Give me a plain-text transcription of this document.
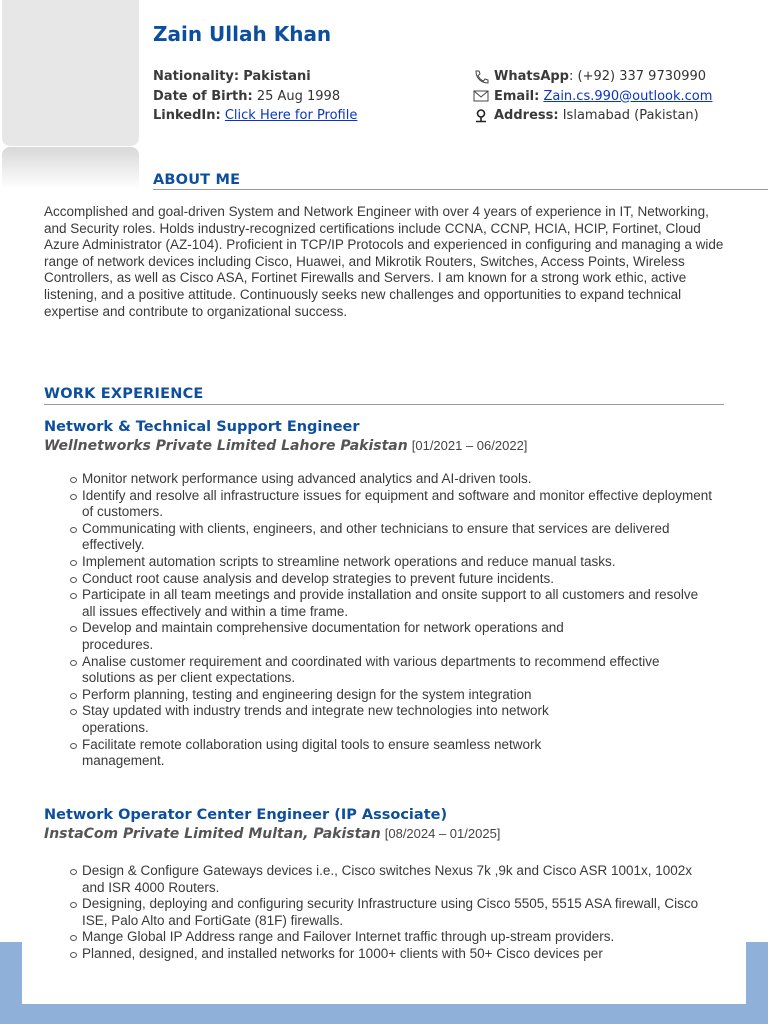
Zain Ullah Khan
Nationality:
Pakistani
Date of Birth:
25 Aug 1998
LinkedIn:
Click Here for Profile
WhatsApp : (+92) 337 9730990
Email:
Zain.cs.990@outlook.com
Address:
Islamabad (Pakistan)
ABOUT ME
Accomplished and goal-driven System and Network Engineer with over 4 years of experience in IT, Networking, and Security roles. Holds industry-recognized certifications include CCNA, CCNP, HCIA, HCIP, Fortinet, Cloud Azure Administrator (AZ-104). Proficient in TCP/IP Protocols and experienced in configuring and managing a wide range of network devices including Cisco, Huawei, and Mikrotik Routers, Switches, Access Points, Wireless Controllers, as well as Cisco ASA, Fortinet Firewalls and Servers. I am known for a strong work ethic, active listening, and a positive attitude. Continuously seeks new challenges and opportunities to expand technical expertise and contribute to organizational success.
WORK EXPERIENCE
Network & Technical Support Engineer
Wellnetworks Private Limited Lahore Pakistan [01/2021 – 06/2022]
Monitor network performance using advanced analytics and AI-driven tools.
Identify and resolve all infrastructure issues for equipment and software and monitor effective deployment of customers.
Communicating with clients, engineers, and other technicians to ensure that services are delivered effectively.
Implement automation scripts to streamline network operations and reduce manual tasks.
Conduct root cause analysis and develop strategies to prevent future incidents.
Participate in all team meetings and provide installation and onsite support to all customers and resolve all issues effectively and within a time frame.
Develop and maintain comprehensive documentation for network operations and procedures.
Analise customer requirement and coordinated with various departments to recommend effective solutions as per client expectations.
Perform planning, testing and engineering design for the system integration
Stay updated with industry trends and integrate new technologies into network operations.
Facilitate remote collaboration using digital tools to ensure seamless network management.
Network Operator Center Engineer (IP Associate)
InstaCom Private Limited Multan, Pakistan [08/2024 – 01/2025]
Design & Configure Gateways devices i.e., Cisco switches Nexus 7k ,9k and Cisco ASR 1001x, 1002x and ISR 4000 Routers.
Designing, deploying and configuring security Infrastructure using Cisco 5505, 5515 ASA firewall, Cisco ISE, Palo Alto and FortiGate (81F) firewalls.
Mange Global IP Address range and Failover Internet traffic through up-stream providers.
Planned, designed, and installed networks for 1000+ clients with 50+ Cisco devices per
